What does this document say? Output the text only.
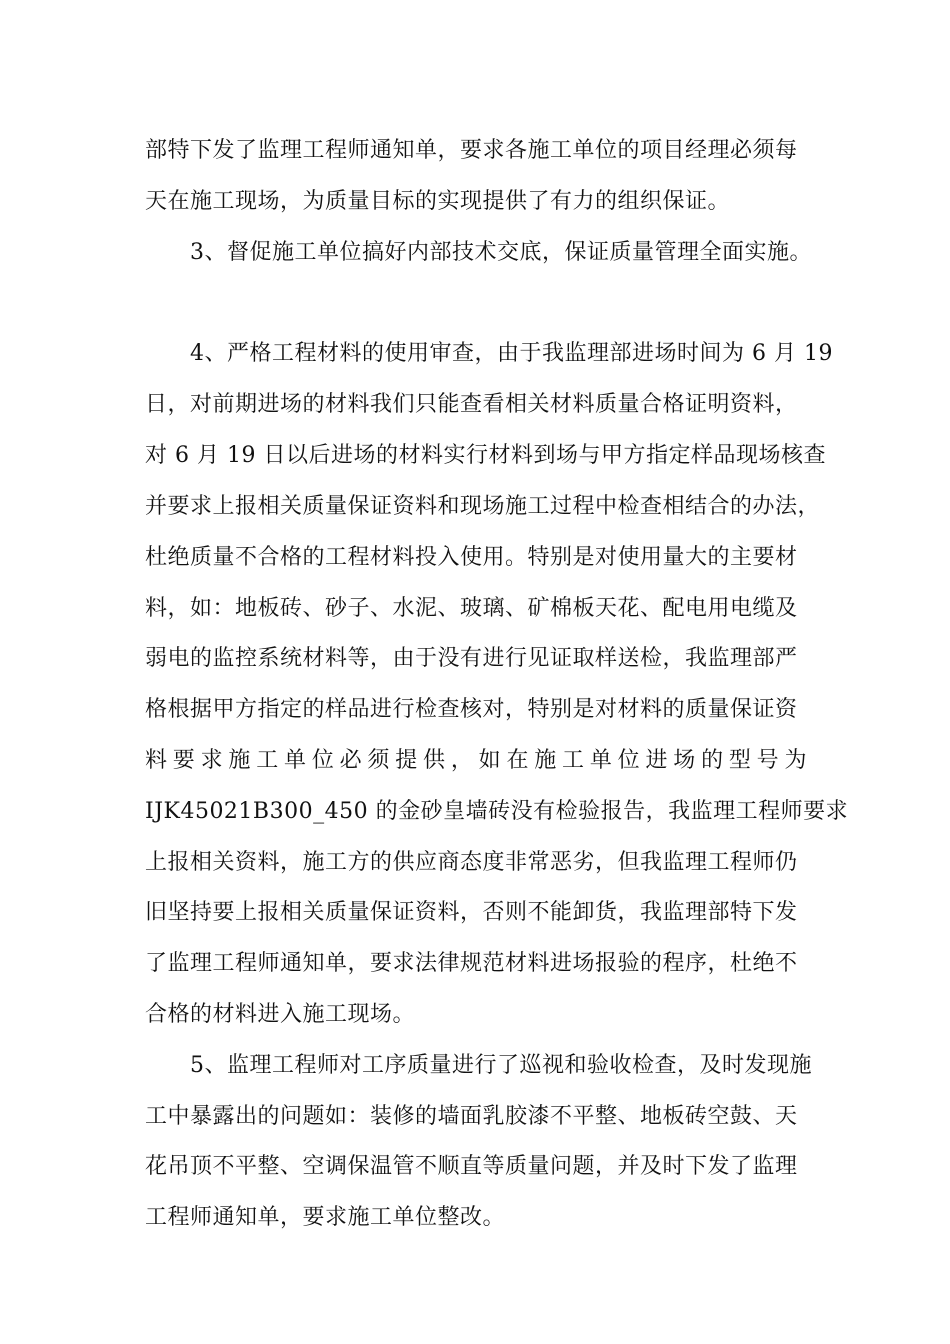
部特下发了监理工程师通知单，要求各施工单位的项目经理必须每
天在施工现场，为质量目标的实现提供了有力的组织保证。
3、督促施工单位搞好内部技术交底，保证质量管理全面实施。
4、严格工程材料的使用审查，由于我监理部进场时间为 6 月 19
日，对前期进场的材料我们只能查看相关材料质量合格证明资料，
对 6 月 19 日以后进场的材料实行材料到场与甲方指定样品现场核查
并要求上报相关质量保证资料和现场施工过程中检查相结合的办法，
杜绝质量不合格的工程材料投入使用。特别是对使用量大的主要材
料，如：地板砖、砂子、水泥、玻璃、矿棉板天花、配电用电缆及
弱电的监控系统材料等，由于没有进行见证取样送检，我监理部严
格根据甲方指定的样品进行检查核对，特别是对材料的质量保证资
料要求施工单位必须提供，如在施工单位进场的型号为
IJK45021B300_450 的金砂皇墙砖没有检验报告，我监理工程师要求
上报相关资料，施工方的供应商态度非常恶劣，但我监理工程师仍
旧坚持要上报相关质量保证资料，否则不能卸货，我监理部特下发
了监理工程师通知单，要求法律规范材料进场报验的程序，杜绝不
合格的材料进入施工现场。
5、监理工程师对工序质量进行了巡视和验收检查，及时发现施
工中暴露出的问题如：装修的墙面乳胶漆不平整、地板砖空鼓、天
花吊顶不平整、空调保温管不顺直等质量问题，并及时下发了监理
工程师通知单，要求施工单位整改。
